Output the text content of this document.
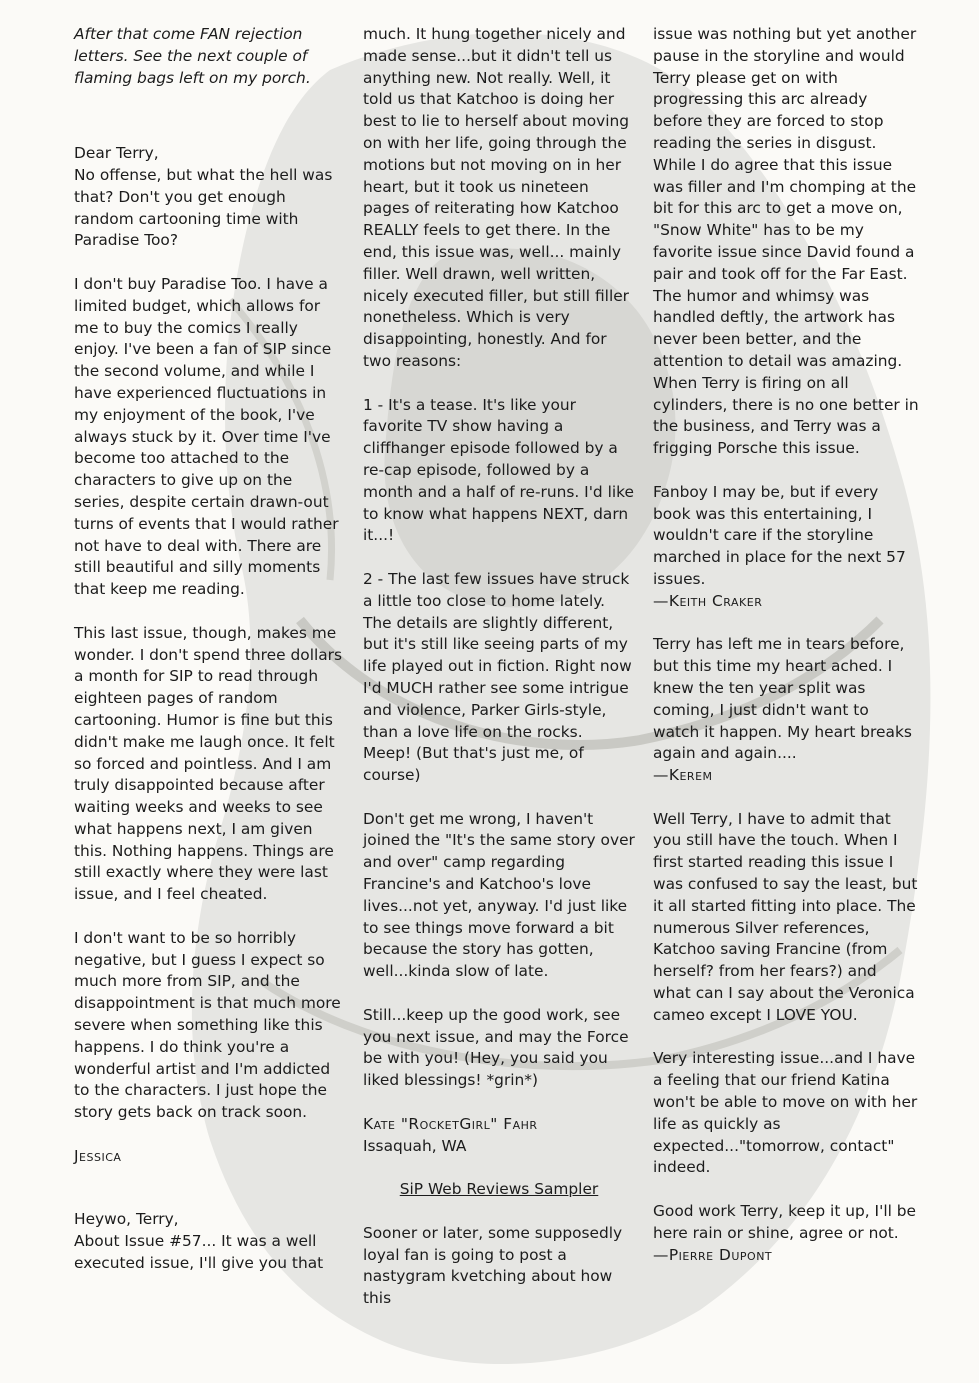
After that come FAN rejection letters. See the next couple of flaming bags left on my porch.

Dear Terry,
No offense, but what the hell was that? Don't you get enough random cartooning time with Paradise Too?

I don't buy Paradise Too. I have a limited budget, which allows for me to buy the comics I really enjoy. I've been a fan of SIP since the second volume, and while I have experienced fluctuations in my enjoyment of the book, I've always stuck by it. Over time I've become too attached to the characters to give up on the series, despite certain drawn-out turns of events that I would rather not have to deal with. There are still beautiful and silly moments that keep me reading.

This last issue, though, makes me wonder. I don't spend three dollars a month for SIP to read through eighteen pages of random cartooning. Humor is fine but this didn't make me laugh once. It felt so forced and pointless. And I am truly disappointed because after waiting weeks and weeks to see what happens next, I am given this. Nothing happens. Things are still exactly where they were last issue, and I feel cheated.

I don't want to be so horribly negative, but I guess I expect so much more from SIP, and the disappointment is that much more severe when something like this happens. I do think you're a wonderful artist and I'm addicted to the characters. I just hope the story gets back on track soon.

Jessica

Heywo, Terry,
About Issue #57... It was a well executed issue, I'll give you that

much. It hung together nicely and made sense...but it didn't tell us anything new. Not really. Well, it told us that Katchoo is doing her best to lie to herself about moving on with her life, going through the motions but not moving on in her heart, but it took us nineteen pages of reiterating how Katchoo REALLY feels to get there. In the end, this issue was, well... mainly filler. Well drawn, well written, nicely executed filler, but still filler nonetheless. Which is very disappointing, honestly. And for two reasons:

1 - It's a tease. It's like your favorite TV show having a cliffhanger episode followed by a re-cap episode, followed by a month and a half of re-runs. I'd like to know what happens NEXT, darn it...!

2 - The last few issues have struck a little too close to home lately. The details are slightly different, but it's still like seeing parts of my life played out in fiction. Right now I'd MUCH rather see some intrigue and violence, Parker Girls-style, than a love life on the rocks. Meep! (But that's just me, of course)

Don't get me wrong, I haven't joined the "It's the same story over and over" camp regarding Francine's and Katchoo's love lives...not yet, anyway. I'd just like to see things move forward a bit because the story has gotten, well...kinda slow of late.

Still...keep up the good work, see you next issue, and may the Force be with you! (Hey, you said you liked blessings! *grin*)

Kate "RocketGirl" Fahr
Issaquah, WA

SiP Web Reviews Sampler

Sooner or later, some supposedly loyal fan is going to post a nastygram kvetching about how this

issue was nothing but yet another pause in the storyline and would Terry please get on with progressing this arc already before they are forced to stop reading the series in disgust. While I do agree that this issue was filler and I'm chomping at the bit for this arc to get a move on, "Snow White" has to be my favorite issue since David found a pair and took off for the Far East. The humor and whimsy was handled deftly, the artwork has never been better, and the attention to detail was amazing. When Terry is firing on all cylinders, there is no one better in the business, and Terry was a frigging Porsche this issue.

Fanboy I may be, but if every book was this entertaining, I wouldn't care if the storyline marched in place for the next 57 issues.
—Keith Craker

Terry has left me in tears before, but this time my heart ached. I knew the ten year split was coming, I just didn't want to watch it happen. My heart breaks again and again....
—Kerem

Well Terry, I have to admit that you still have the touch. When I first started reading this issue I was confused to say the least, but it all started fitting into place. The numerous Silver references, Katchoo saving Francine (from herself? from her fears?) and what can I say about the Veronica cameo except I LOVE YOU.

Very interesting issue...and I have a feeling that our friend Katina won't be able to move on with her life as quickly as expected..."tomorrow, contact" indeed.

Good work Terry, keep it up, I'll be here rain or shine, agree or not.
—Pierre Dupont
